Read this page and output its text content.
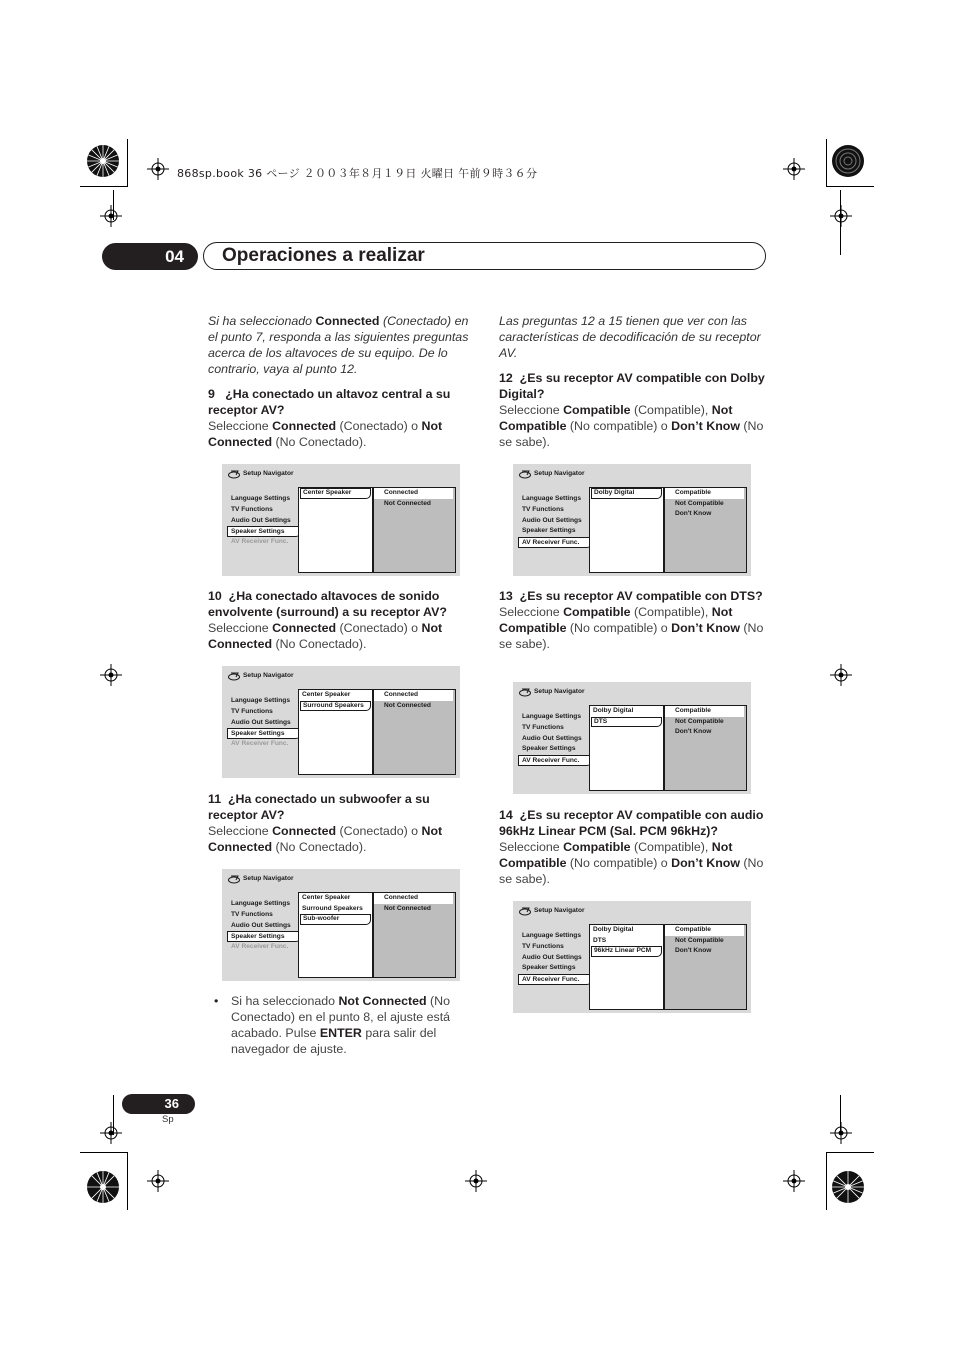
868sp.book 36 ページ ２００３年８月１９日 火曜日 午前９時３６分
04	Operaciones a realizar
Si ha seleccionado Connected (Conectado) en el punto 7, responda a las siguientes preguntas acerca de los altavoces de su equipo. De lo contrario, vaya al punto 12.

9   ¿Ha conectado un altavoz central a su receptor AV?

Seleccione Connected (Conectado) o Not Connected (No Conectado).

Setup Navigator
Language Settings
TV Functions
Audio Out Settings
Speaker Settings
AV Receiver Func.
Center Speaker	Connected
Not Connected

10  ¿Ha conectado altavoces de sonido envolvente (surround) a su receptor AV?

Seleccione Connected (Conectado) o Not Connected (No Conectado).

Setup Navigator
Language Settings
TV Functions
Audio Out Settings
Speaker Settings
AV Receiver Func.
Center Speaker
Surround Speakers
Connected
Not Connected

11  ¿Ha conectado un subwoofer a su receptor AV?

Seleccione Connected (Conectado) o Not Connected (No Conectado).

Setup Navigator
Language Settings
TV Functions
Audio Out Settings
Speaker Settings
AV Receiver Func.
Center Speaker
Surround Speakers
Sub-woofer
Connected
Not Connected
•	Si ha seleccionado Not Connected (No Conectado) en el punto 8, el ajuste está acabado. Pulse ENTER para salir del navegador de ajuste.

Las preguntas 12 a 15 tienen que ver con las características de decodificación de su receptor AV.

12  ¿Es su receptor AV compatible con Dolby Digital?

Seleccione Compatible (Compatible), Not Compatible (No compatible) o Don’t Know (No se sabe).

Setup Navigator
Language Settings
TV Functions
Audio Out Settings
Speaker Settings
AV Receiver Func.
Dolby Digital	Compatible
Not Compatible
Don't Know

13  ¿Es su receptor AV compatible con DTS?

Seleccione Compatible (Compatible), Not Compatible (No compatible) o Don’t Know (No se sabe).

Setup Navigator
Language Settings
TV Functions
Audio Out Settings
Speaker Settings
AV Receiver Func.
Dolby Digital
DTS
Compatible
Not Compatible
Don't Know

14  ¿Es su receptor AV compatible con audio 96kHz Linear PCM (Sal. PCM 96kHz)?

Seleccione Compatible (Compatible), Not Compatible (No compatible) o Don’t Know (No se sabe).

Setup Navigator
Language Settings
TV Functions
Audio Out Settings
Speaker Settings
AV Receiver Func.
Dolby Digital
DTS
96kHz Linear PCM
Compatible
Not Compatible
Don't Know
36
Sp
